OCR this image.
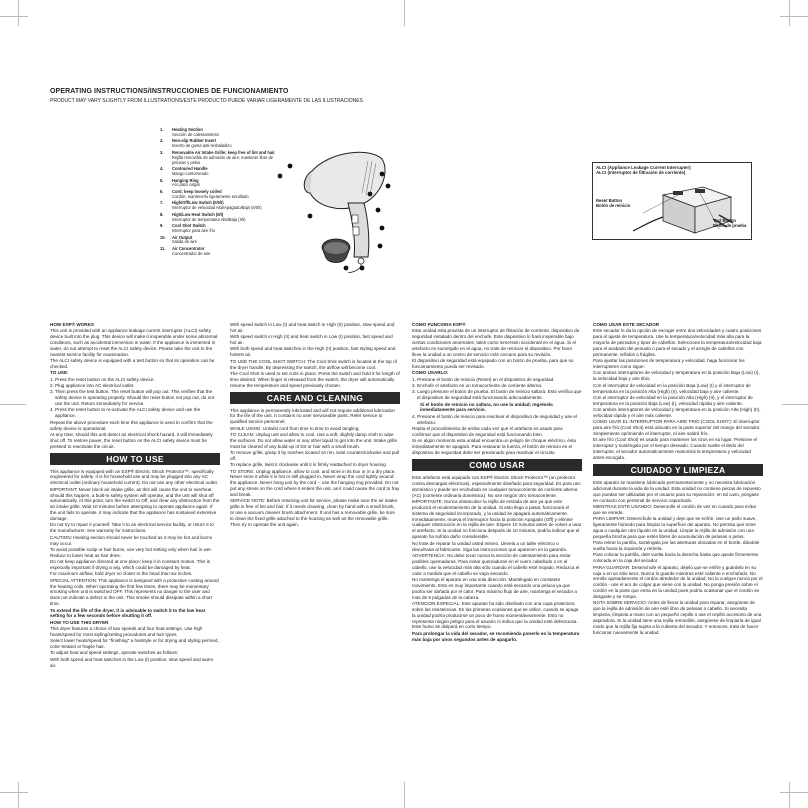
OPERATING INSTRUCTIONS/INSTRUCCIONES DE FUNCIONAMIENTO
PRODUCT MAY VARY SLIGHTLY FROM ILLUSTRATIONS/ESTE PRODUCTO PUEDE VARIAR LIGERAMENTE DE LAS ILUSTRACIONES
1.	Heating Section
Sección de calentamiento
2.	Non-slip Rubber Insert
Inserto de goma anti-resbaladizo
3.	Removable Air Intake Grille; keep free of lint and hair
Rejilla removible de admisión de aire; mantener libre de pelusas y pelos
4.	Contoured Handle
Mango contorneado
5.	Hanging Ring
Aro para colgar
6.	Cord; keep loosely coiled
Cordón; mantenerlo ligeramente enrollado
7.	High/Off/Low Switch (II/0/I)
Interruptor de velocidad Alta/Apagado/Baja (II/0/I)
8.	High/Low Heat Switch (II/I)
Interruptor de temperatura Alta/Baja (II/I)
9.	Cool Shot Switch
Interruptor para aire frío
10.	Air Output
Salida de aire
11.	Air Concentrator
Concentrador de aire
ALCI (Appliance Leakage Current Interrupter)
ALCI (Interruptor de filtración de corriente)
Reset Button
Botón de reinicio
Test Button
Botón de prueba
HOW ESP® WORKS
This unit is provided with an appliance leakage current interrupter (ALCI) safety device built into the plug. This device will make it inoperable under some abnormal conditions, such as accidental immersion in water. If the appliance is immersed in water, do not attempt to reset the ALCI safety device. Please take the unit to the nearest service facility for examination.
The ALCI safety device is equipped with a test button so that its operation can be checked.
TO USE:
1. Press the reset button on the ALCI safety device.
2. Plug appliance into AC electrical outlet.
3. Then press the test button. The reset button will pop out. This verifies that the safety device is operating properly. Should the reset button not pop out, do not use the unit. Return immediately for service.
4. Press the reset button to re-activate the ALCI safety device and use the appliance.
Repeat the above procedure each time this appliance is used to confirm that the safety device is operational.
At any time, should this unit detect an electrical shock hazard, it will immediately shut off. To restore power, the reset button on the ALCI safety device must be pressed to reactivate the circuit.
HOW TO USE
This appliance is equipped with an ESP® Electric Shock Protector™, specifically engineered for safety. It is for household use and may be plugged into any AC electrical outlet (ordinary household current). Do not use any other electrical outlet.
IMPORTANT: Never block air intake grille, as this will cause the unit to overheat. Should this happen, a built-in safety system will operate, and the unit will shut off automatically. At this point, turn the switch to Off, and clear any obstruction from the air intake grille. Wait 10 minutes before attempting to operate appliance again. If the unit fails to operate, it may indicate that the appliance has sustained extensive damage.
Do not try to repair it yourself. Take it to an electrical service facility, or return it to the manufacturer. See warranty for instructions.
CAUTION: Heating section should never be touched as it may be hot and burns may occur.
To avoid possible scalp or hair burns, use very hot setting only when hair is wet. Reduce to lower heat as hair dries.
Do not keep appliance directed at one place; keep it in constant motion. This is especially important if drying a wig, which could be damaged by heat.
For maximum airflow, hold dryer no closer to the head than six inches.
SPECIAL ATTENTION: This appliance is designed with a protective coating around the heating coils. When operating the first few times, there may be momentary smoking when unit is switched OFF. This represents no danger to the user and does not indicate a defect in the unit. This smoke should dissipate within a short time.
To extend the life of the dryer, it is advisable to switch it to the low heat setting for a few seconds before shutting it off.
HOW TO USE THIS DRYER
This dryer features a choice of two speeds and four heat settings. Use high heats/speed for most styling/setting procedures and hair types.
Select lower heats/speed for "finishing" a hairstyle or for drying and styling permed, color-treated or fragile hair.
To adjust heat and speed settings, operate switches as follows:
With both speed and heat switches in the Low (I) position, slow speed and warm air.
With speed switch in Low (I) and heat switch in High (II) position, slow speed and hot air.
With speed switch in High (II) and heat switch in Low (I) position, fast speed and hot air.
With both speed and heat switches in the High (II) position, fast styling speed and hottest air.
TO USE THE COOL SHOT SWITCH: The Cool Shot switch is located at the top of the dryer handle. By depressing the switch, the airflow will become cool.
The Cool Shot is used to set curls in place. Press the switch and hold it for length of time desired. When finger is released from the switch, the dryer will automatically resume the temperature and speed previously chosen.
CARE AND CLEANING
This appliance is permanently lubricated and will not require additional lubrication for the life of the unit. It contains no user serviceable parts. Refer service to qualified service personnel.
WHILE USING: Untwist cord from time to time to avoid tangling.
TO CLEAN: Unplug unit and allow to cool. Use a soft, slightly damp cloth to wipe the surfaces. Do not allow water or any other liquid to get into the unit. Intake grille must be cleared of any build-up of lint or hair with a small brush.
To remove grille, grasp it by notches located on rim, twist counterclockwise and pull off.
To replace grille, twist it clockwise until it is firmly reattached to dryer housing.
TO STORE: Unplug appliance, allow to cool, and store in its box or in a dry place. Never store it while it is hot or still plugged in. Never wrap the cord tightly around the appliance. Never hang unit by the cord -- use the hanging ring provided. Do not put any stress on the cord where it enters the unit, as it could cause the cord to fray and break.
SERVICE NOTE: Before returning unit for service, please make sure the air intake grille is free of lint and hair. If it needs cleaning, clean by hand with a small brush, or use a vacuum cleaner brush attachment. If unit has a removable grille, be sure to clean the fixed grille attached to the housing as well as the removable grille. Then try to operate the unit again.
COMO FUNCIONA ESP®
Esta unidad esta provista de un interruptor de filtración de corriente, dispositivo de seguridad instalado dentro del enchufe. Este dispositivo lo hará inoperable bajo ciertas condiciones anormales, tales como inmersión accidental en el agua. Si el artefacto es sumergido en el agua, no trate de reiniciar el dispositivo. Por favor lleve la unidad a un centro de servicio más cercano para su revisión.
El dispositivo de seguridad está equipado con un botón de prueba, para que su funcionamiento pueda ser revisado.
COMO USARLO:
1. Presione el botón de reinicio (Reset) en el dispositivo de seguridad.
2. Enchufe el artefacto en un tomacorriente de corriente alterna.
3. Luego presione el botón de prueba. El botón de reinicio saltará. Esto verifica que el dispositivo de seguridad está funcionando adecuadamente.
Si el botón de reinicio no saltara, no use la unidad; regrésela inmediatamente para servicio.
4. Presione el botón de reinicio para reactivar el dispositivo de seguridad y use el artefacto.
Repita el procedimiento de arriba cada vez que el artefacto es usado para confirmar que el dispositivo de seguridad está funcionando bien.
Si en algún momento esta unidad encuentra un peligro de choque eléctrico, ésta inmediatamente se apagará. Para restaurar la fuerza, el botón de reinicio en el dispositivo de seguridad debe ser presionado para reactivar el circuito.
COMO USAR
Este artefacto está equipado con ESP® Electric Shock Protector™ (un protector contra descargas eléctricas), especialmente diseñado para seguridad. Es para uso doméstico y puede ser enchufado en cualquier tomacorriente de corriente alterna (AC) (corriente ordinaria doméstica). No use ningún otro tomacorriente.
IMPORTANTE: Nunca obstaculice la rejilla de entrada de aire ya que esto producirá el recalentamiento de la unidad. Si esto llega a pasar, funcionará el sistema de seguridad incorporado, y la unidad se apagará automáticamente. Inmediatamente, mueva el interruptor hacia la posición Apagado (Off) y elimine cualquier obstrucción en la rejilla de aire. Espere 10 minutos antes de volver a usar el artefacto. Si la unidad no funciona después de 10 minutos, podría indicar que el aparato ha sufrido daño considerable.
No trate de reparar la unidad usted mismo. Llévela a un taller eléctrico o devuélvala al fabricante. Siga las instrucciones que aparecen en la garantía.
ADVERTENCIA: No debe tocar nunca la sección de calentamiento para evitar posibles quemaduras. Para evitar quemaduras en el cuero cabelludo o en el cabello, use la velocidad más alta sólo cuando el cabello esté mojado. Reduzca el calor a medida que el cabello se vaya secando.
No mantenga el aparato en una sola dirección. Manténgalo en constante movimiento. Esto es muy importante cuando está secando una peluca ya que podría ser dañada por el calor. Para máximo flujo de aire, mantenga el secador a más de 6 pulgadas de la cabeza.
ATENCION ESPECIAL: Este aparato ha sido diseñado con una capa protectora sobre las resistencias. En las primeras ocasiones que se utilice, cuando se apaga la unidad podría producirse un poco de humo momentáneamente. Esto no representa ningún peligro para el usuario ni indica que la unidad esté defectuosa. Este humo se disipará en corto tiempo.
Para prolongar la vida del secador, se recomienda ponerlo en la temperatura más baja por unos segundos antes de apagarlo.
COMO USAR ESTE SECADOR
Este secador le da la opción de escoger entre dos velocidades y cuatro posiciones para el ajuste de temperatura. Use la temperatura/velocidad más alta para la mayoría de peinados y tipos de cabellos. Seleccione la temperatura/velocidad baja para el acabado del peinado o para el secado y el arreglo de cabellos con permanente, teñidos o frágiles.
Para ajustar las posiciones de temperatura y velocidad, haga funcionar los interruptores como sigue:
Con ambos interruptores de velocidad y temperatura en la posición Baja (Low) (I), la velocidad baja y aire tibio.
Con el interruptor de velocidad en la posición Baja (Low) (I) y el interruptor de temperatura en la posición Alta (High) (II), velocidad baja y aire caliente.
Con el interruptor de velocidad en la posición Alta (High) (II), y el interruptor de temperatura en la posición Baja (Low) (I), velocidad rápida y aire caliente.
Con ambos interruptores de velocidad y temperatura en la posición Alta (High) (II), velocidad rápida y el aire más caliente.
COMO USAR EL INTERRUPTOR PARA AIRE FRIO (COOL SHOT): El interruptor para aire frío (Cool Shot) está ubicado en la parte superior del mango del secador. Simplemente oprimiendo el interruptor, el aire saldrá frío.
El aire frío (Cool Shot) es usado para mantener los rizos en su lugar. Presione el interruptor y sosténgalo por el tiempo deseado. Cuando suelte el dedo del interruptor, el secador automáticamente reasumirá la temperatura y velocidad antes escogida.
CUIDADO Y LIMPIEZA
Este aparato se mantiene lubricado permanentemente y no necesita lubricación adicional durante la vida de la unidad. Esta unidad no contiene piezas de repuesto que puedan ser utilizadas por el usuario para su reparación; en tal caso, póngase en contacto con personal de servicio capacitado.
MIENTRAS ESTE USANDO: Desenrolle el cordón de vez en cuando para evitar que se enrede.
PARA LIMPIAR: Desenchufe la unidad y deje que se enfríe. Use un paño suave, ligeramente húmedo para limpiar la superficie del aparato. No permita que entre agua o cualquier otro líquido en la unidad. Limpie la rejilla de admisión con una pequeña brocha para que estén libres de acumulación de pelusas o pelos.
Para retirar la parrilla, sosténgala por las aberturas ubicadas en el borde, dándole vuelta hacia la izquierda y retírela.
Para colocar la parrilla, dele vuelta hacia la derecha hasta que quede firmemente colocada en la caja del secador.
PARA GUARDAR: Desenchufe el aparato, déjelo que se enfríe y guárdelo en su caja o en un sitio seco. Nunca lo guarde mientras esté caliente o enchufado. No enrolle ajustadamente el cordón alrededor de la unidad. No la cuelgue nunca por el cordón - use el aro de colgar que viene con la unidad. No ponga presión sobre el cordón en la parte que entra en la unidad pues podría ocasionar que el cordón se desgaste y se rompa.
NOTA SOBRE SERVICIO: Antes de llevar la unidad para reparar, asegúrese de que la rejilla de admisión de aire esté libre de pelusas o cabello. Si necesita limpieza, límpiela a mano con un pequeño cepillo o use el cepillo accesorio de una aspiradora. Si la unidad tiene una rejilla removible, asegúrese de limpiarla de igual modo que la rejilla fija sujeta a la cubierta del secador. Y entonces, trate de hacer funcionar nuevamente la unidad.
